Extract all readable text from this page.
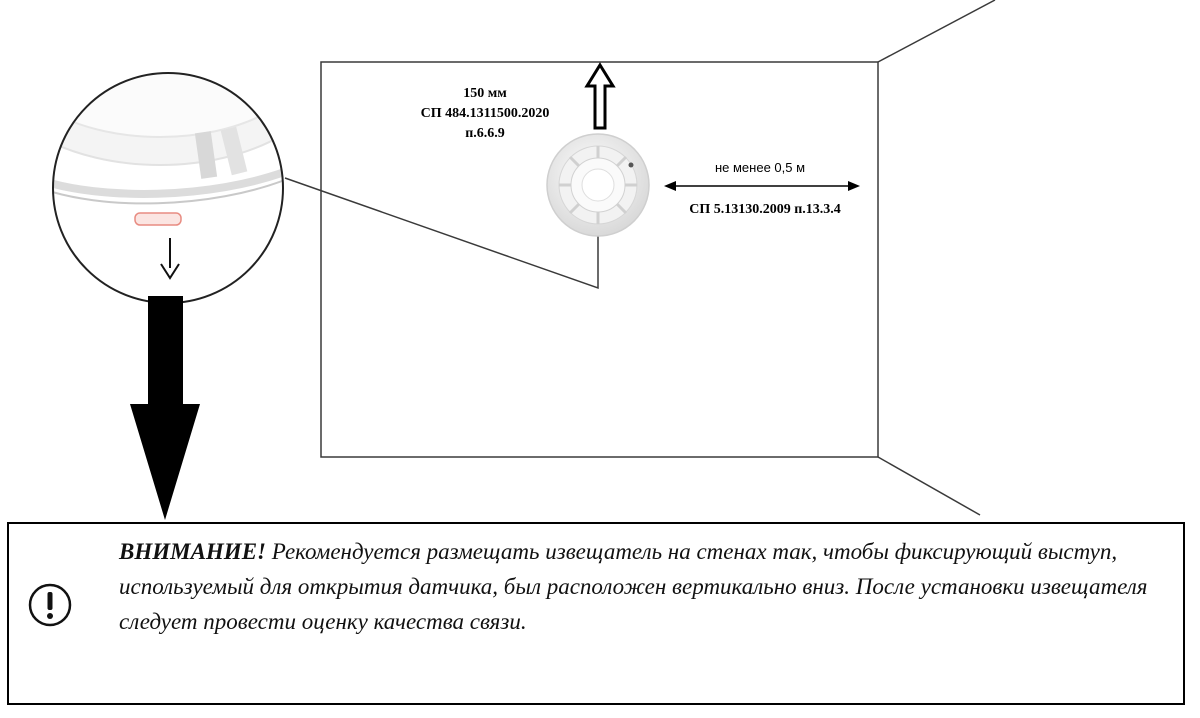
150 мм
СП 484.1311500.2020
п.6.6.9
не менее 0,5 м
СП 5.13130.2009 п.13.3.4
ВНИМАНИЕ! Рекомендуется размещать извещатель на стенах так, чтобы фиксирующий выступ, используемый для открытия датчика, был расположен вертикально вниз. После установки извещателя следует провести оценку качества связи.
